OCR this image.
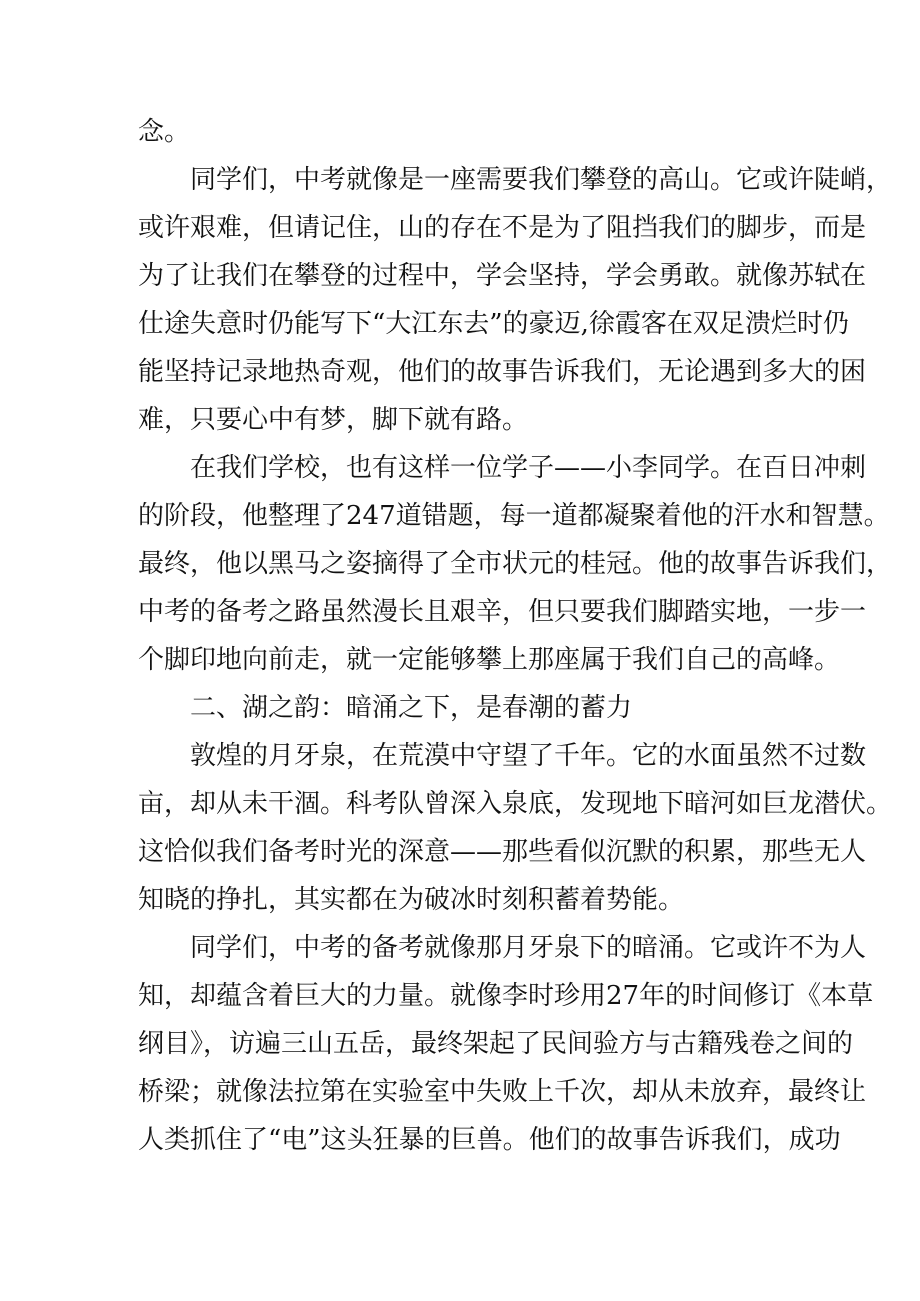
念。
同学们，中考就像是一座需要我们攀登的高山。它或许陡峭，
或许艰难，但请记住，山的存在不是为了阻挡我们的脚步，而是
为了让我们在攀登的过程中，学会坚持，学会勇敢。就像苏轼在
仕途失意时仍能写下“大江东去”的豪迈,徐霞客在双足溃烂时仍
能坚持记录地热奇观，他们的故事告诉我们，无论遇到多大的困
难，只要心中有梦，脚下就有路。
在我们学校，也有这样一位学子——小李同学。在百日冲刺
的阶段，他整理了247道错题，每一道都凝聚着他的汗水和智慧。
最终，他以黑马之姿摘得了全市状元的桂冠。他的故事告诉我们，
中考的备考之路虽然漫长且艰辛，但只要我们脚踏实地，一步一
个脚印地向前走，就一定能够攀上那座属于我们自己的高峰。
二、湖之韵：暗涌之下，是春潮的蓄力
敦煌的月牙泉，在荒漠中守望了千年。它的水面虽然不过数
亩，却从未干涸。科考队曾深入泉底，发现地下暗河如巨龙潜伏。
这恰似我们备考时光的深意——那些看似沉默的积累，那些无人
知晓的挣扎，其实都在为破冰时刻积蓄着势能。
同学们，中考的备考就像那月牙泉下的暗涌。它或许不为人
知，却蕴含着巨大的力量。就像李时珍用27年的时间修订《本草
纲目》，访遍三山五岳，最终架起了民间验方与古籍残卷之间的
桥梁；就像法拉第在实验室中失败上千次，却从未放弃，最终让
人类抓住了“电”这头狂暴的巨兽。他们的故事告诉我们，成功
